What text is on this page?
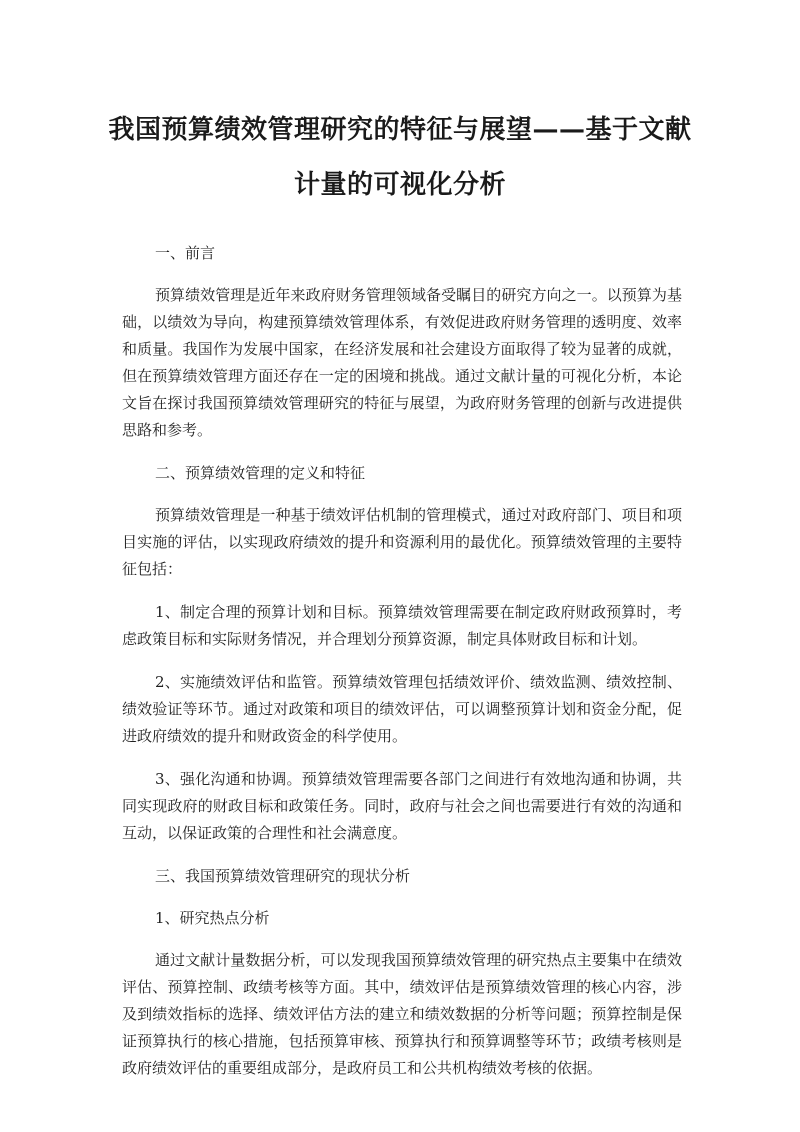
我国预算绩效管理研究的特征与展望——基于文献
计量的可视化分析

一、前言

预算绩效管理是近年来政府财务管理领域备受瞩目的研究方向之一。以预算为基础，以绩效为导向，构建预算绩效管理体系，有效促进政府财务管理的透明度、效率和质量。我国作为发展中国家，在经济发展和社会建设方面取得了较为显著的成就，但在预算绩效管理方面还存在一定的困境和挑战。通过文献计量的可视化分析，本论文旨在探讨我国预算绩效管理研究的特征与展望，为政府财务管理的创新与改进提供思路和参考。

二、预算绩效管理的定义和特征

预算绩效管理是一种基于绩效评估机制的管理模式，通过对政府部门、项目和项目实施的评估，以实现政府绩效的提升和资源利用的最优化。预算绩效管理的主要特征包括：

1、制定合理的预算计划和目标。预算绩效管理需要在制定政府财政预算时，考虑政策目标和实际财务情况，并合理划分预算资源，制定具体财政目标和计划。

2、实施绩效评估和监管。预算绩效管理包括绩效评价、绩效监测、绩效控制、绩效验证等环节。通过对政策和项目的绩效评估，可以调整预算计划和资金分配，促进政府绩效的提升和财政资金的科学使用。

3、强化沟通和协调。预算绩效管理需要各部门之间进行有效地沟通和协调，共同实现政府的财政目标和政策任务。同时，政府与社会之间也需要进行有效的沟通和互动，以保证政策的合理性和社会满意度。

三、我国预算绩效管理研究的现状分析

1、研究热点分析

通过文献计量数据分析，可以发现我国预算绩效管理的研究热点主要集中在绩效评估、预算控制、政绩考核等方面。其中，绩效评估是预算绩效管理的核心内容，涉及到绩效指标的选择、绩效评估方法的建立和绩效数据的分析等问题；预算控制是保证预算执行的核心措施，包括预算审核、预算执行和预算调整等环节；政绩考核则是政府绩效评估的重要组成部分，是政府员工和公共机构绩效考核的依据。
